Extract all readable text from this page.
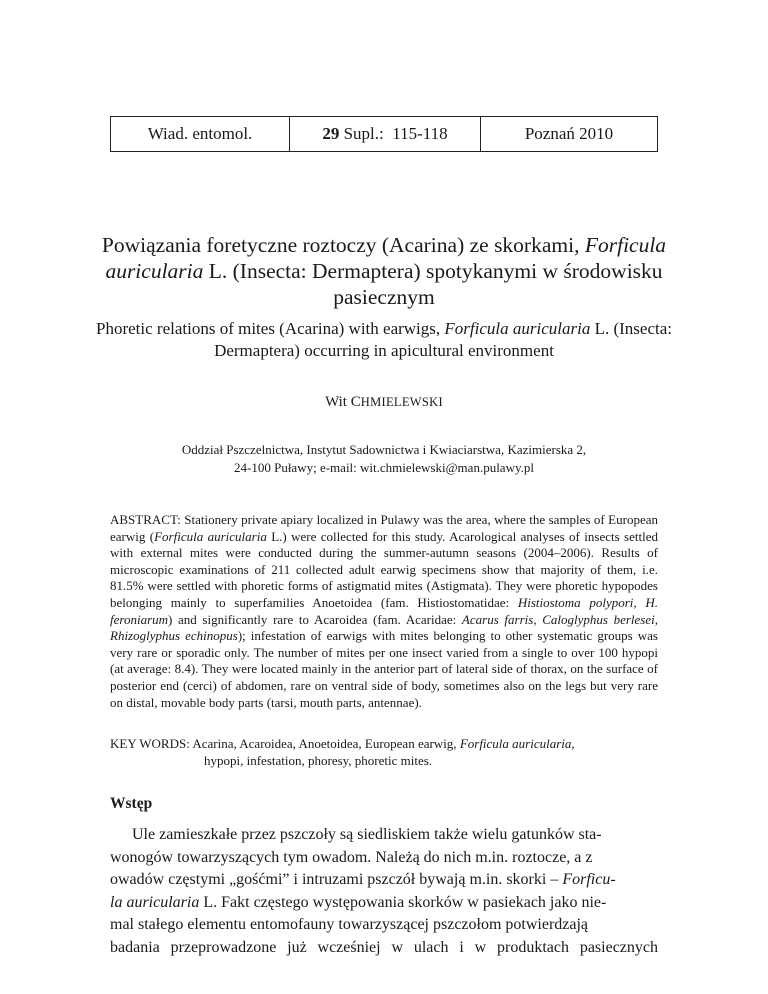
Wiad. entomol.	29 Supl.:  115-118	Poznań 2010
Powiązania foretyczne roztoczy (Acarina) ze skorkami, Forficula
auricularia L. (Insecta: Dermaptera) spotykanymi w środowisku pasiecznym
Phoretic relations of mites (Acarina) with earwigs, Forficula auricularia L. (Insecta: Dermaptera) occurring in apicultural environment
Wit CHMIELEWSKI
Oddział Pszczelnictwa, Instytut Sadownictwa i Kwiaciarstwa, Kazimierska 2,
24-100 Puławy; e-mail: wit.chmielewski@man.pulawy.pl
ABSTRACT: Stationery private apiary localized in Pulawy was the area, where the samples of European earwig (Forficula auricularia L.) were collected for this study. Acarological analyses of insects settled with external mites were conducted during the summer-autumn seasons (2004–2006). Results of microscopic examinations of 211 collected adult earwig specimens show that majority of them, i.e. 81.5% were settled with phoretic forms of astigmatid mites (Astigmata). They were phoretic hypopodes belonging mainly to superfamilies Anoetoidea (fam. Histiostomatidae: Histiostoma polypori, H. feroniarum) and significantly rare to Acaroidea (fam. Acaridae: Acarus farris, Caloglyphus berlesei, Rhizoglyphus echinopus); infestation of earwigs with mites belonging to other systematic groups was very rare or sporadic only. The number of mites per one insect varied from a single to over 100 hypopi (at average: 8.4). They were located mainly in the anterior part of lateral side of thorax, on the surface of posterior end (cerci) of abdomen, rare on ventral side of body, sometimes also on the legs but very rare on distal, movable body parts (tarsi, mouth parts, antennae).
KEY WORDS: Acarina, Acaroidea, Anoetoidea, European earwig, Forficula auricularia,
hypopi, infestation, phoresy, phoretic mites.
Wstęp
Ule zamieszkałe przez pszczoły są siedliskiem także wielu gatunków sta-
wonogów towarzyszących tym owadom. Należą do nich m.in. roztocze, a z
owadów częstymi „gośćmi” i intruzami pszczół bywają m.in. skorki – Forficu-
la auricularia L. Fakt częstego występowania skorków w pasiekach jako nie-
mal stałego elementu entomofauny towarzyszącej pszczołom potwierdzają
badania przeprowadzone już wcześniej w ulach i w produktach pasiecznych
